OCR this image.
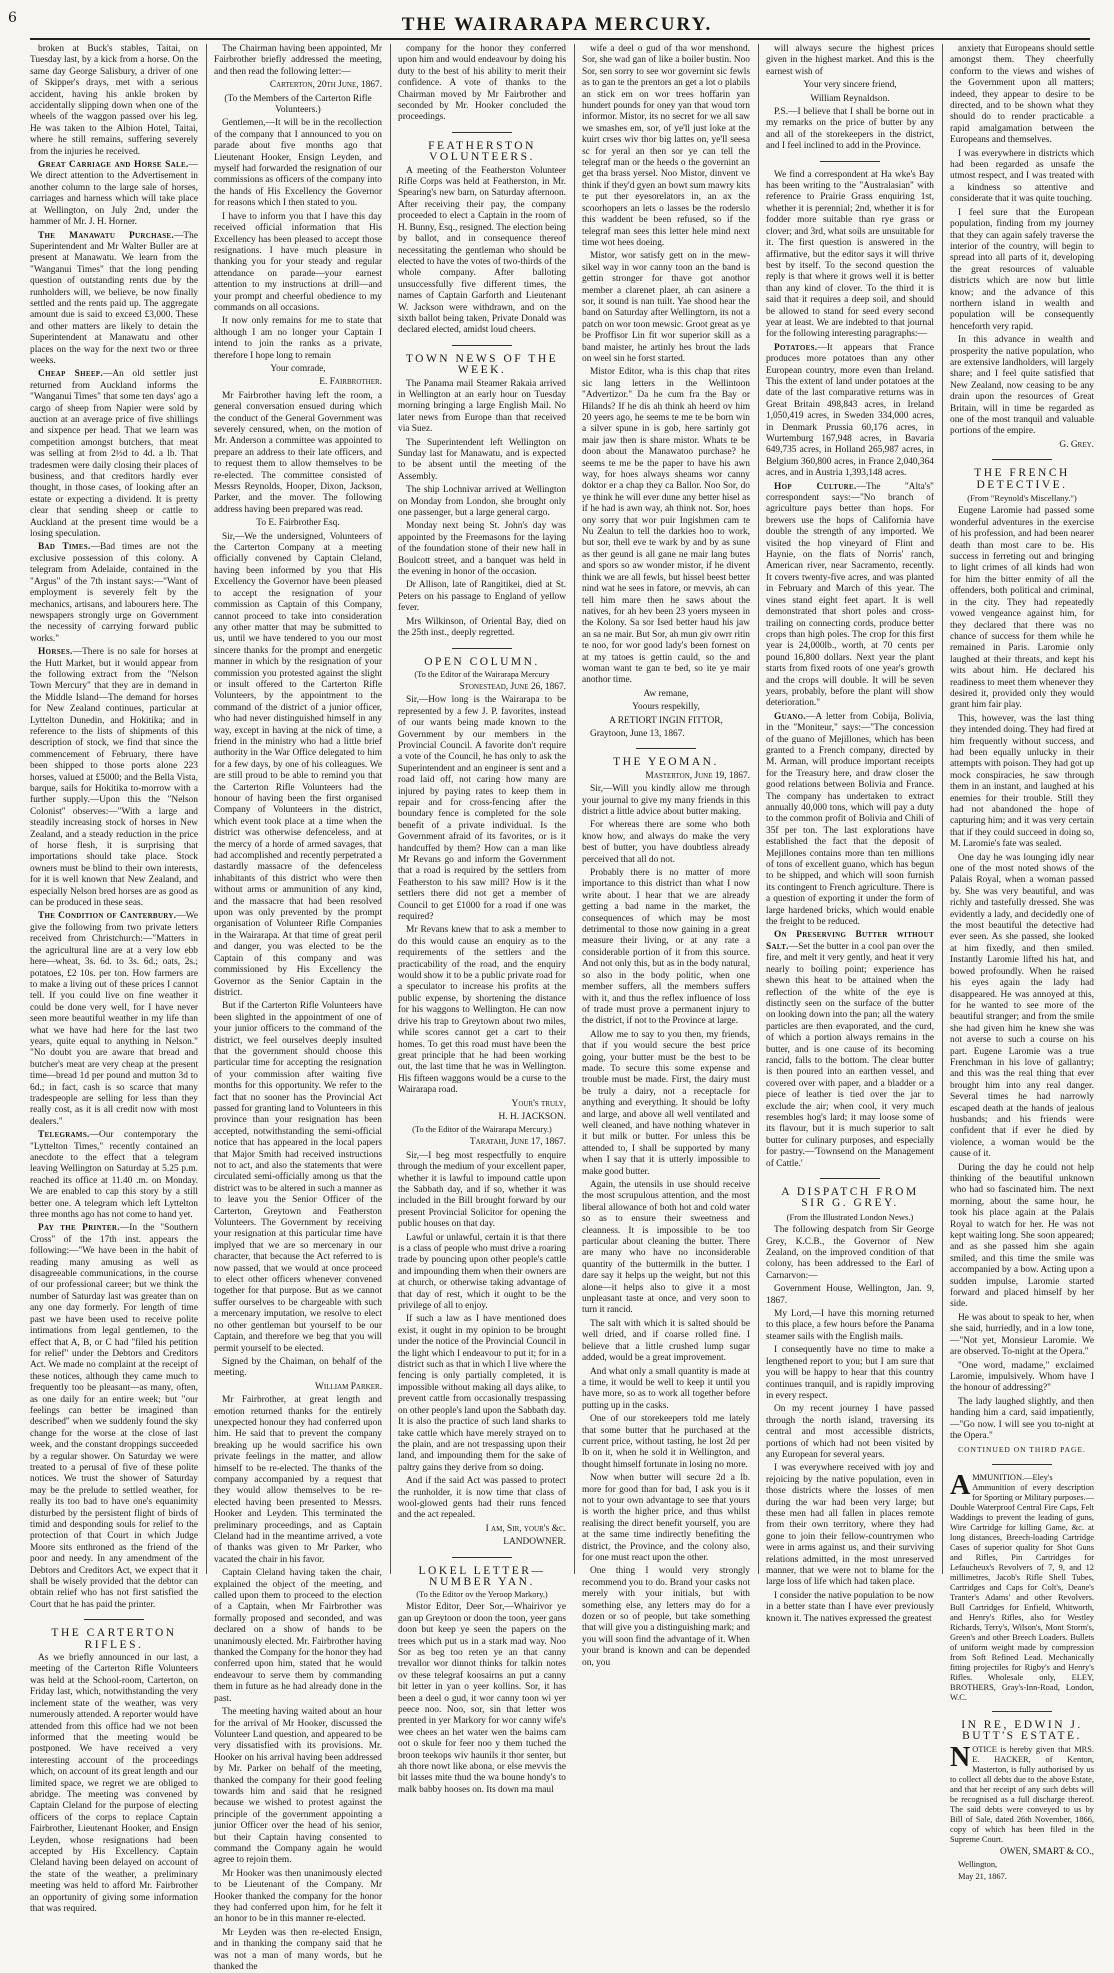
6	THE WAIRARAPA MERCURY.

broken at Buck's stables, Taitai, on Tuesday last, by a kick from a horse. On the same day George Salisbury, a driver of one of Skipper's drays, met with a serious accident, having his ankle broken by accidentally slipping down when one of the wheels of the waggon passed over his leg. He was taken to the Albion Hotel, Taitai, where he still remains, suffering severely from the injuries he received.

Great Carriage and Horse Sale.—We direct attention to the Advertisement in another column to the large sale of horses, carriages and harness which will take place at Wellington, on July 2nd, under the hammer of Mr. J. H. Horner.

The Manawatu Purchase.—The Superintendent and Mr Walter Buller are at present at Manawatu. We learn from the "Wanganui Times" that the long pending question of outstanding rents due by the runholders will, we believe, be now finally settled and the rents paid up. The aggregate amount due is said to exceed £3,000. These and other matters are likely to detain the Superintendent at Manawatu and other places on the way for the next two or three weeks.

Cheap Sheep.—An old settler just returned from Auckland informs the "Wanganui Times" that some ten days' ago a cargo of sheep from Napier were sold by auction at an average price of five shillings and sixpence per head. That we learn was competition amongst butchers, that meat was selling at from 2½d to 4d. a lb. That tradesmen were daily closing their places of business, and that creditors hardly ever thought, in those cases, of looking after an estate or expecting a dividend. It is pretty clear that sending sheep or cattle to Auckland at the present time would be a losing speculation.

Bad Times.—Bad times are not the exclusive possession of this colony. A telegram from Adelaide, contained in the "Argus" of the 7th instant says:—"Want of employment is severely felt by the mechanics, artisans, and labourers here. The newspapers strongly urge on Government the necessity of carrying forward public works."

Horses.—There is no sale for horses at the Hutt Market, but it would appear from the following extract from the "Nelson Town Mercury" that they are in demand in the Middle Island—The demand for horses for New Zealand continues, particular at Lyttelton Dunedin, and Hokitika; and in reference to the lists of shipments of this description of stock, we find that since the commencement of February, there have been shipped to those ports alone 223 horses, valued at £5000; and the Bella Vista, barque, sails for Hokitika to-morrow with a further supply.—Upon this the "Nelson Colonist" observes:—"With a large and steadily increasing stock of horses in New Zealand, and a steady reduction in the price of horse flesh, it is surprising that importations should take place. Stock owners must be blind to their own interests, for it is well known that New Zealand, and especially Nelson bred horses are as good as can be produced in these seas.

The Condition of Canterbury.—We give the following from two private letters received from Christchurch:—"Matters in the agricultural line are at a very low ebb here—wheat, 3s. 6d. to 3s. 6d.; oats, 2s.; potatoes, £2 10s. per ton. How farmers are to make a living out of these prices I cannot tell. If you could live on fine weather it could be done very well, for I have never seen more beautiful weather in my life than what we have had here for the last two years, quite equal to anything in Nelson." "No doubt you are aware that bread and butcher's meat are very cheap at the present time—bread 1d per pound and mutton 3d to 6d.; in fact, cash is so scarce that many tradespeople are selling for less than they really cost, as it is all credit now with most dealers."

Telegrams.—Our contemporary the "Lyttelton Times," recently contained an anecdote to the effect that a telegram leaving Wellington on Saturday at 5.25 p.m. reached its office at 11.40 .m. on Monday. We are enabled to cap this story by a still better one. A telegram which left Lyttelton three months ago has not come to hand yet.

Pay the Printer.—In the "Southern Cross" of the 17th inst. appears the following:—"We have been in the habit of reading many amusing as well as disagreeable communications, in the course of our professional career; but we think the number of Saturday last was greater than on any one day formerly. For length of time past we have been used to receive polite intimations from legal gentlemen, to the effect that A, B, or C had "filed his petition for relief" under the Debtors and Creditors Act. We made no complaint at the receipt of these notices, although they came much to frequently too be pleasant—as many, often, as one daily for an entire week; but "our feelings can better be imagined than described" when we suddenly found the sky change for the worse at the close of last week, and the constant droppings succeeded by a regular shower. On Saturday we were treated to a perusal of five of these polite notices. We trust the shower of Saturday may be the prelude to settled weather, for really its too bad to have one's equanimity disturbed by the persistent flight of birds of timid and desponding souls for relief to the protection of that Court in which Judge Moore sits enthroned as the friend of the poor and needy. In any amendment of the Debtors and Creditors Act, we expect that it shall be wisely provided that the debtor can obtain relief who has not first satisfied the Court that he has paid the printer.

THE CARTERTON RIFLES.

As we briefly announced in our last, a meeting of the Carterton Rifle Volunteers was held at the School-room, Carterton, on Friday last, which, notwithstanding the very inclement state of the weather, was very numerously attended. A reporter would have attended from this office had we not been informed that the meeting would be postponed. We have received a very interesting account of the proceedings which, on account of its great length and our limited space, we regret we are obliged to abridge. The meeting was convened by Captain Cleland for the purpose of electing officers of the corps to replace Captain Fairbrother, Lieutenant Hooker, and Ensign Leyden, whose resignations had been accepted by His Excellency. Captain Cleland having been delayed on account of the state of the weather, a preliminary meeting was held to afford Mr. Fairbrother an opportunity of giving some information that was required.

The Chairman having been appointed, Mr Fairbrother briefly addressed the meeting, and then read the following letter:—

Carterton, 20th June, 1867.

(To the Members of the Carterton Rifle Volunteers.)

Gentlemen,—It will be in the recollection of the company that I announced to you on parade about five months ago that Lieutenant Hooker, Ensign Leyden, and myself had forwarded the resignation of our commissions as officers of the company into the hands of His Excellency the Governor for reasons which I then stated to you.

I have to inform you that I have this day received official information that His Excellency has been pleased to accept those resignations. I have much pleasure in thanking you for your steady and regular attendance on parade—your earnest attention to my instructions at drill—and your prompt and cheerful obedience to my commands on all occasions.

It now only remains for me to state that although I am no longer your Captain I intend to join the ranks as a private, therefore I hope long to remain

Your comrade,

E. Fairbrother.

Mr Fairbrother having left the room, a general conversation ensued during which the conduct of the General Government was severely censured, when, on the motion of Mr. Anderson a committee was appointed to prepare an address to their late officers, and to request them to allow themselves to be re-elected. The committee consisted of Messrs Reynolds, Hooper, Dixon, Jackson, Parker, and the mover. The following address having been prepared was read.

To E. Fairbrother Esq.

Sir,—We the undersigned, Volunteers of the Carterton Company at a meeting officially convened by Captain Cleland, having been informed by you that His Excellency the Governor have been pleased to accept the resignation of your commission as Captain of this Company, cannot proceed to take into consideration any other matter that may be submitted to us, until we have tendered to you our most sincere thanks for the prompt and energetic manner in which by the resignation of your commission you protested against the slight or insult offered to the Carterton Rifle Volunteers, by the appointment to the command of the district of a junior officer, who had never distinguished himself in any way, except in having at the nick of time, a friend in the ministry who had a little brief authority in the War Office delegated to him for a few days, by one of his colleagues. We are still proud to be able to remind you that the Carterton Rifle Volunteers had the honour of having been the first organised Company of Volunteers in the district, which event took place at a time when the district was otherwise defenceless, and at the mercy of a horde of armed savages, that had accomplished and recently perpetrated a dastardly massacre of the defenceless inhabitants of this district who were then without arms or ammunition of any kind, and the massacre that had been resolved upon was only prevented by the prompt organisation of Volunteer Rifle Companies in the Wairarapa. At that time of great peril and danger, you was elected to be the Captain of this company and was commissioned by His Excellency the Governor as the Senior Captain in the district.

But if the Carterton Rifle Volunteers have been slighted in the appointment of one of your junior officers to the command of the district, we feel ourselves deeply insulted that the government should choose this particular time for accepting the resignation of your commission after waiting five months for this opportunity. We refer to the fact that no sooner has the Provincial Act passed for granting land to Volunteers in this province than your resignation has been accepted, notwithstanding the semi-official notice that has appeared in the local papers that Major Smith had received instructions not to act, and also the statements that were circulated semi-officially among us that the district was to be altered in such a manner as to leave you the Senior Officer of the Carterton, Greytown and Featherston Volunteers. The Government by receiving your resignation at this particular time have implyed that we are so mercenary in our character, that because the Act referred to is now passed, that we would at once proceed to elect other officers whenever convened together for that purpose. But as we cannot suffer ourselves to be chargeable with such a mercenary imputation, we resolve to elect no other gentleman but yourself to be our Captain, and therefore we beg that you will permit yourself to be elected.

Signed by the Chaiman, on behalf of the meeting.

William Parker.

Mr Fairbrother, at great length and emotion returned thanks for the entirely unexpected honour they had conferred upon him. He said that to prevent the company breaking up he would sacrifice his own private feelings in the matter, and allow himself to be re-elected. The thanks of the company accompanied by a request that they would allow themselves to be re-elected having been presented to Messrs. Hooker and Leyden. This terminated the preliminary proceedings, and as Captain Cleland had in the meantime arrived, a vote of thanks was given to Mr Parker, who vacated the chair in his favor.

Captain Cleland having taken the chair, explained the object of the meeting, and called upon them to proceed to the election of a Captain, when Mr Fairbrother was formally proposed and seconded, and was declared on a show of hands to be unanimously elected. Mr. Fairbrother having thanked the Company for the honor they had conferred upon him, stated that he would endeavour to serve them by commanding them in future as he had already done in the past.

The meeting having waited about an hour for the arrival of Mr Hooker, discussed the Volunteer Land question, and appeared to be very dissatisfied with its provisions. Mr. Hooker on his arrival having been addressed by Mr. Parker on behalf of the meeting, thanked the company for their good feeling towards him and said that he resigned because we wished to protest against the principle of the government appointing a junior Officer over the head of his senior, but their Captain having consented to command the Company again he would agree to rejoin them.

Mr Hooker was then unanimously elected to be Lieutenant of the Company. Mr Hooker thanked the company for the honor they had conferred upon him, for he felt it an honor to be in this manner re-elected.

Mr Leyden was then re-elected Ensign, and in thanking the company said that he was not a man of many words, but he thanked the

company for the honor they conferred upon him and would endeavour by doing his duty to the best of his ability to merit their confidence. A vote of thanks to the Chairman moved by Mr Fairbrother and seconded by Mr. Hooker concluded the proceedings.

FEATHERSTON VOLUNTEERS.

A meeting of the Featherston Volunteer Rifle Corps was held at Featherston, in Mr. Spearing's new barn, on Saturday afternoon. After receiving their pay, the company proceeded to elect a Captain in the room of H. Bunny, Esq., resigned. The election being by ballot, and in consequence thereof necessitating the gentleman who should be elected to have the votes of two-thirds of the whole company. After balloting unsuccessfully five different times, the names of Captain Garforth and Lieutenant W. Jackson were withdrawn, and on the sixth ballot being taken, Private Donald was declared elected, amidst loud cheers.

TOWN NEWS OF THE WEEK.

The Panama mail Steamer Rakaia arrived in Wellington at an early hour on Tuesday morning bringing a large English Mail. No later news from Europe than that received via Suez.

The Superintendent left Wellington on Sunday last for Manawatu, and is expected to be absent until the meeting of the Assembly.

The ship Lochnivar arrived at Wellington on Monday from London, she brought only one passenger, but a large general cargo.

Monday next being St. John's day was appointed by the Freemasons for the laying of the foundation stone of their new hall in Boulcott street, and a banquet was held in the evening in honor of the occasion.

Dr Allison, late of Rangitikei, died at St. Peters on his passage to England of yellow fever.

Mrs Wilkinson, of Oriental Bay, died on the 25th inst., deeply regretted.

OPEN COLUMN.

(To the Editor of the Wairarapa Mercury

Stonestead, June 26, 1867.

Sir,—How long is the Wairarapa to be represented by a few J. P. favorites, instead of our wants being made known to the Government by our members in the Provincial Council. A favorite don't require a vote of the Council, he has only to ask the Superintendent and an engineer is sent and a road laid off, not caring how many are injured by paying rates to keep them in repair and for cross-fencing after the boundary fence is completed for the sole benefit of a private individual. Is the Government afraid of its favorites, or is it handcuffed by them? How can a man like Mr Revans go and inform the Government that a road is required by the settlers from Featherston to his saw mill? How is it the settlers there did not get a member of Council to get £1000 for a road if one was required?

Mr Revans knew that to ask a member to do this would cause an enquiry as to the requirements of the settlers and the practicability of the road, and the enquiry would show it to be a public private road for a speculator to increase his profits at the public expense, by shortening the distance for his waggons to Wellington. He can now drive his trap to Greytown about two miles, while scores cannot get a cart to their homes. To get this road must have been the great principle that he had been working out, the last time that he was in Wellington. His fifteen waggons would be a curse to the Wairarapa road.

Your's truly,

H. H. JACKSON.

(To the Editor of the Wairarapa Mercury.)

Taratahi, June 17, 1867.

Sir,—I beg most respectfully to enquire through the medium of your excellent paper, whether it is lawful to impound cattle upon the Sabbath day, and if so, whether it was included in the Bill brought forward by our present Provincial Solicitor for opening the public houses on that day.

Lawful or unlawful, certain it is that there is a class of people who must drive a roaring trade by pouncing upon other people's cattle and impounding them when their owners are at church, or otherwise taking advantage of that day of rest, which it ought to be the privilege of all to enjoy.

If such a law as I have mentioned does exist, it ought in my opinion to be brought under the notice of the Provincial Council in the light which I endeavour to put it; for in a district such as that in which I live where the fencing is only partially completed, it is impossible without making all days alike, to prevent cattle from occasionally trespassing on other people's land upon the Sabbath day. It is also the practice of such land sharks to take cattle which have merely strayed on to the plain, and are not trespassing upon their land, and impounding them for the sake of paltry gains they derive from so doing.

And if the said Act was passed to protect the runholder, it is now time that class of wool-glowed gents had their runs fenced and the act repealed.

I am, Sir, your's &c.

LANDOWNER.

LOKEL LETTER—NUMBER YAN.

(To the Editor ov the Yeroop Markory.)

Mistor Editor, Deer Sor,—Whairivor ye gan up Greytoon or doon the toon, yeer gans doon but keep ye seen the papers on the trees which put us in a stark mad way. Noo Sor as beg too reten ye an that canny trevallor wor dinnot thinks for talkin notes ov these telegraf koosairns an put a canny bit letter in yan o yeer kollins. Sor, it has been a deel o gud, it wor canny toon wi yer peece noo. Noo, sor, sin that letter wos prented in yer Markory for wor canny wife's wee chees an het water wen the baims cam oot o skule for feer noo y them tuched the broon teekops wiv haunils it thor senter, but ah thore nowt like abona, or else mevvis the bit lasses mite thud the wa boune hondy's to malk babby hooses on. Its down ma maul

wife a deel o gud of tha wor menshond. Sor, she wad gan of like a boiler bustin. Noo Sor, sen sorry to see wor governint sic fewls as to gan te the prentors an get a lot o plabils an stick em on wor trees hoffarin yan hundert pounds for oney yan that woud torn informor. Mistor, its no secret for we all saw we smashes em, sor, of ye'll just loke at the kuirt crses wiv thor big lattes on, ye'll seesa sc for yeral an then sor ye can tell the telegraf man or the heeds o the governint an get tha brass yersel. Noo Mistor, dinvent ve think if they'd gyen an bowt sum mawry kits te put ther eyesorelators in, an ax the scoorhopers an lets o lasses be the roderslo this waddent be been refused, so if the telegraf man sees this letter hele mind next time wot hees doeing.

Mistor, wor satisfy gett on in the mew-sikel way in wor canny toon an the band is gettin stronger for thave got anothor member a clarenet plaer, ah can asinere a sor, it sound is nan tuilt. Yae shood hear the band on Saturday after Wellingtorn, its not a patch on wor toon mewsic. Groot great as ye be Proffisor Lin fit wor superior skill as a band maister, he artinly hes brout the lads on weel sin he forst started.

Mistor Editor, wha is this chap that rites sic lang letters in the Wellintoon "Advertizor." Da he cum fra the Bay or Hilands? If he dis ah think ah heerd ov him 20 yeers ago, he seems te me te be born win a silver spune in is gob, here sartinly got mair jaw then is share mistor. Whats te be doon about the Manawatoo purchase? he seems te me be the paper to have his awn way, for hoes always sheams wor canny doktor er a chap they ca Ballor. Noo Sor, do ye think he will ever dune any better hisel as if he had is awn way, ah think not. Sor, hoes ony sorry that wor puir Ingishmen cam te Nu Zealun to tell the darkies hoo to work, but sor, thell eve te wark by and by as sune as ther geund is all gane ne mair lang butes and spors so aw wonder mistor, if he divent think we are all fewls, but hissel beest better nind wat he sees in fatore, or mevvis, ah can tell him mare then he saws about the natives, for ah hev been 23 yoers myseen in the Kolony. Sa sor Ised better haud his jaw an sa ne mair. But Sor, ah mun giv owrr ritin te noo, for wor good lady's been fornest on at my tatoes is gettin cauld, so the and woman want te gan te bed, so ite ye mair anothor time.

Aw remane,

Yoours respekilly,

A RETIORT INGIN FITTOR,

Graytoon, June 13, 1867.

THE YEOMAN.

Masterton, June 19, 1867.

Sir,—Will you kindly allow me through your journal to give my many friends in this district a little advice about butter making.

For whereas there are some who both know how, and always do make the very best of butter, you have doubtless already perceived that all do not.

Probably there is no matter of more importance to this district than what I now write about. I hear that we are already getting a bad name in the market, the consequences of which may be most detrimental to those now gaining in a great measure their living, or at any rate a considerable portion of it from this source. And not only this, but as in the body natural, so also in the body politic, when one member suffers, all the members suffers with it, and thus the reflex influence of loss of trade must prove a permanent injury to the district, if not to the Province at large.

Allow me to say to you then, my friends, that if you would secure the best price going, your butter must be the best to be made. To secure this some expense and trouble must be made. First, the dairy must be truly a dairy, not a receptacle for anything and everything. It should be lofty and large, and above all well ventilated and well cleaned, and have nothing whatever in it but milk or butter. For unless this be attended to, I shall be supported by many when I say that it is utterly impossible to make good butter.

Again, the utensils in use should receive the most scrupulous attention, and the most liberal allowance of both hot and cold water so as to ensure their sweetness and cleanness. It is impossible to be too particular about cleaning the butter. There are many who have no inconsiderable quantity of the buttermilk in the butter. I dare say it helps up the weight, but not this alone—it helps also to give it a most unpleasant taste at once, and very soon to turn it rancid.

The salt with which it is salted should be well dried, and if coarse rolled fine. I believe that a little crushed lump sugar added, would be a great improvement.

And what only a small quantity is made at a time, it would be well to keep it until you have more, so as to work all together before putting up in the casks.

One of our storekeepers told me lately that some butter that he purchased at the current price, without tasting, he lost 2d per lb on it, when he sold it in Wellington, and thought himself fortunate in losing no more.

Now when butter will secure 2d a lb. more for good than for bad, I ask you is it not to your own advantage to see that yours is worth the higher price, and thus whilst realising the direct benefit yourself, you are at the same time indirectly benefiting the district, the Province, and the colony also, for one must react upon the other.

One thing I would very strongly recommend you to do. Brand your casks not merely with your initials, but with something else, any letters may do for a dozen or so of people, but take something that will give you a distinguishing mark; and you will soon find the advantage of it. When your brand is known and can be depended on, you

will always secure the highest prices given in the highest market. And this is the earnest wish of

Your very sincere friend,

William Reynaldson.

P.S.—I believe that I shall be borne out in my remarks on the price of butter by any and all of the storekeepers in the district, and I feel inclined to add in the Province.

We find a correspondent at Ha wke's Bay has been writing to the "Australasian" with reference to Prairie Grass enquiring 1st, whether it is perennial; 2nd, whether it is for fodder more suitable than rye grass or clover; and 3rd, what soils are unsuitable for it. The first question is answered in the affirmative, but the editor says it will thrive best by itself. To the second question the reply is that where it grows well it is better than any kind of clover. To the third it is said that it requires a deep soil, and should be allowed to stand for seed every second year at least. We are indebted to that journal for the following interesting paragraphs:—

Potatoes.—It appears that France produces more potatoes than any other European country, more even than Ireland. This the extent of land under potatoes at the date of the last comparative returns was in Great Britain 498,843 acres, in Ireland 1,050,419 acres, in Sweden 334,000 acres, in Denmark Prussia 60,176 acres, in Wurtemburg 167,948 acres, in Bavaria 649,735 acres, in Holland 265,987 acres, in Belgium 360,800 acres, in France 2,040,364 acres, and in Austria 1,393,148 acres.

Hop Culture.—The "Alta's" correspondent says:—"No branch of agriculture pays better than hops. For brewers use the hops of California have double the strength of any imported. We visited the hop vineyard of Flint and Haynie, on the flats of Norris' ranch, American river, near Sacramento, recently. It covers twenty-five acres, and was planted in February and March of this year. The vines stand eight feet apart. It is well demonstrated that short poles and cross-trailing on connecting cords, produce better crops than high poles. The crop for this first year is 24,000lb., worth, at 70 cents per pound 16,800 dollars. Next year the plant starts from fixed roots of one year's growth and the crops will double. It will be seven years, probably, before the plant will show deterioration."

Guano.—A letter from Cobija, Bolivia, in the "Moniteur," says:—"The concession of the guano of Mejillones, which has been granted to a French company, directed by M. Arman, will produce important receipts for the Treasury here, and draw closer the good relations between Bolivia and France. The company has undertaken to extract annually 40,000 tons, which will pay a duty to the common profit of Bolivia and Chili of 35f per ton. The last explorations have established the fact that the deposit of Mejillones contains more than ten millions of tons of excellent guano, which has begun to be shipped, and which will soon furnish its contingent to French agriculture. There is a question of exporting it under the form of large hardened bricks, which would enable the freight to be reduced.

On Preserving Butter without Salt.—Set the butter in a cool pan over the fire, and melt it very gently, and heat it very nearly to boiling point; experience has shewn this heat to be attained when the reflection of the white of the eye is distinctly seen on the surface of the butter on looking down into the pan; all the watery particles are then evaporated, and the curd, of which a portion always remains in the butter, and is one cause of its becoming rancid, falls to the bottom. The clear butter is then poured into an earthen vessel, and covered over with paper, and a bladder or a piece of leather is tied over the jar to exclude the air; when cool, it very much resembles hog's lard; it may loose some of its flavour, but it is much superior to salt butter for culinary purposes, and especially for pastry.—'Townsend on the Management of Cattle.'

A DISPATCH FROM SIR G. GREY.

(From the Illustrated London News.)

The following despatch from Sir George Grey, K.C.B., the Governor of New Zealand, on the improved condition of that colony, has been addressed to the Earl of Carnarvon:—

Government House, Wellington, Jan. 9, 1867.

My Lord,—I have this morning returned to this place, a few hours before the Panama steamer sails with the English mails.

I consequently have no time to make a lengthened report to you; but I am sure that you will be happy to hear that this country continues tranquil, and is rapidly improving in every respect.

On my recent journey I have passed through the north island, traversing its central and most accessible districts, portions of which had not been visited by any European for several years.

I was everywhere received with joy and rejoicing by the native population, even in those districts where the losses of men during the war had been very large; but these men had all fallen in places remote from their own territory, where they had gone to join their fellow-countrymen who were in arms against us, and their surviving relations admitted, in the most unreserved manner, that we were not to blame for the large loss of life which had taken place.

I consider the native population to be now in a better state than I have ever previously known it. The natives expressed the greatest

anxiety that Europeans should settle amongst them. They cheerfully conform to the views and wishes of the Government upon all matters; indeed, they appear to desire to be directed, and to be shown what they should do to render practicable a rapid amalgamation between the Europeans and themselves.

I was everywhere in districts which had been regarded as unsafe the utmost respect, and I was treated with a kindness so attentive and considerate that it was quite touching.

I feel sure that the European population, finding from my journey that they can again safely traverse the interior of the country, will begin to spread into all parts of it, developing the great resources of valuable districts which are now but little know; and the advance of this northern island in wealth and population will be consequently henceforth very rapid.

In this advance in wealth and prosperity the native population, who are extensive landholders, will largely share; and I feel quite satisfied that New Zealand, now ceasing to be any drain upon the resources of Great Britain, will in time be regarded as one of the most tranquil and valuable portions of the empire.

G. Grey.

THE FRENCH DETECTIVE.

(From "Reynold's Miscellany.")

Eugene Laromie had passed some wonderful adventures in the exercise of his profession, and had been nearer death than most care to be. His success in ferreting out and bringing to light crimes of all kinds had won for him the bitter enmity of all the offenders, both political and criminal, in the city. They had repeatedly vowed vengeance against him, for they declared that there was no chance of success for them while he remained in Paris. Laromie only laughed at their threats, and kept his wits about him. He declared his readiness to meet them whenever they desired it, provided only they would grant him fair play.

This, however, was the last thing they intended doing. They had fired at him frequently without success, and had been equally unlucky in their attempts with poison. They had got up mock conspiracies, he saw through them in an instant, and laughed at his enemies for their trouble. Still they had not abandoned the hope of capturing him; and it was very certain that if they could succeed in doing so, M. Laromie's fate was sealed.

One day he was lounging idly near one of the most noted shows of the Palais Royal, when a woman passed by. She was very beautiful, and was richly and tastefully dressed. She was evidently a lady, and decidedly one of the most beautiful the detective had ever seen. As she passed, she looked at him fixedly, and then smiled. Instantly Laromie lifted his hat, and bowed profoundly. When he raised his eyes again the lady had disappeared. He was annoyed at this, for he wanted to see more of the beautiful stranger; and from the smile she had given him he knew she was not averse to such a course on his part. Eugene Laromie was a true Frenchman in his love of gallantry; and this was the real thing that ever brought him into any real danger. Several times he had narrowly escaped death at the hands of jealous husbands; and his friends were confident that if ever he died by violence, a woman would be the cause of it.

During the day he could not help thinking of the beautiful unknown who had so fascinated him. The next morning, about the same hour, he took his place again at the Palais Royal to watch for her. He was not kept waiting long. She soon appeared; and as she passed him she again smiled, and this time the smile was accompanied by a bow. Acting upon a sudden impulse, Laromie started forward and placed himself by her side.

He was about to speak to her, when she said, hurriedly, and in a low tone,—"Not yet, Monsieur Laromie. We are observed. To-night at the Opera."

"One word, madame," exclaimed Laromie, impulsively. Whom have I the honour of addressing?"

The lady laughed slightly, and then handing him a card, said impatiently,—"Go now. I will see you to-night at the Opera."

CONTINUED ON THIRD PAGE.

AMMUNITION.—Eley's Ammunition of every description for Sporting or Military purposes.—Double Waterproof Central Fire Caps, Felt Waddings to prevent the leading of guns, Wire Cartridge for killing Game, &c. at long distances, Breech-loading Cartridge Cases of superior quality for Shot Guns and Rifles, Pin Cartridges for Lefaucheux's Revolvers of 7, 9, and 12 millimetres, Jacob's Rifle Shell Tubes, Cartridges and Caps for Colt's, Deane's Tranter's Adams' and other Revolvers. Bull Cartridges for Enfield, Whitworth, and Henry's Rifles, also for Westley Richards, Terry's, Wilson's, Mont Storm's, Green's and other Breech Loaders. Bullets of uniform weight made by compression from Soft Refined Lead. Mechanically fitting projectiles for Rigby's and Henry's Rifles. Wholesale only, ELEY, BROTHERS, Gray's-Inn-Road, London, W.C.

IN RE, EDWIN J. BUTT'S ESTATE.

NOTICE is hereby given that MRS. E. HACKER, of Kenton, Masterton, is fully authorised by us to collect all debts due to the above Estate, and that her receipt of any such debts will be recognised as a full discharge thereof. The said debts were conveyed to us by Bill of Sale, dated 26th November, 1866, copy of which has been filed in the Supreme Court.

OWEN, SMART & CO.,

Wellington,

May 21, 1867.
